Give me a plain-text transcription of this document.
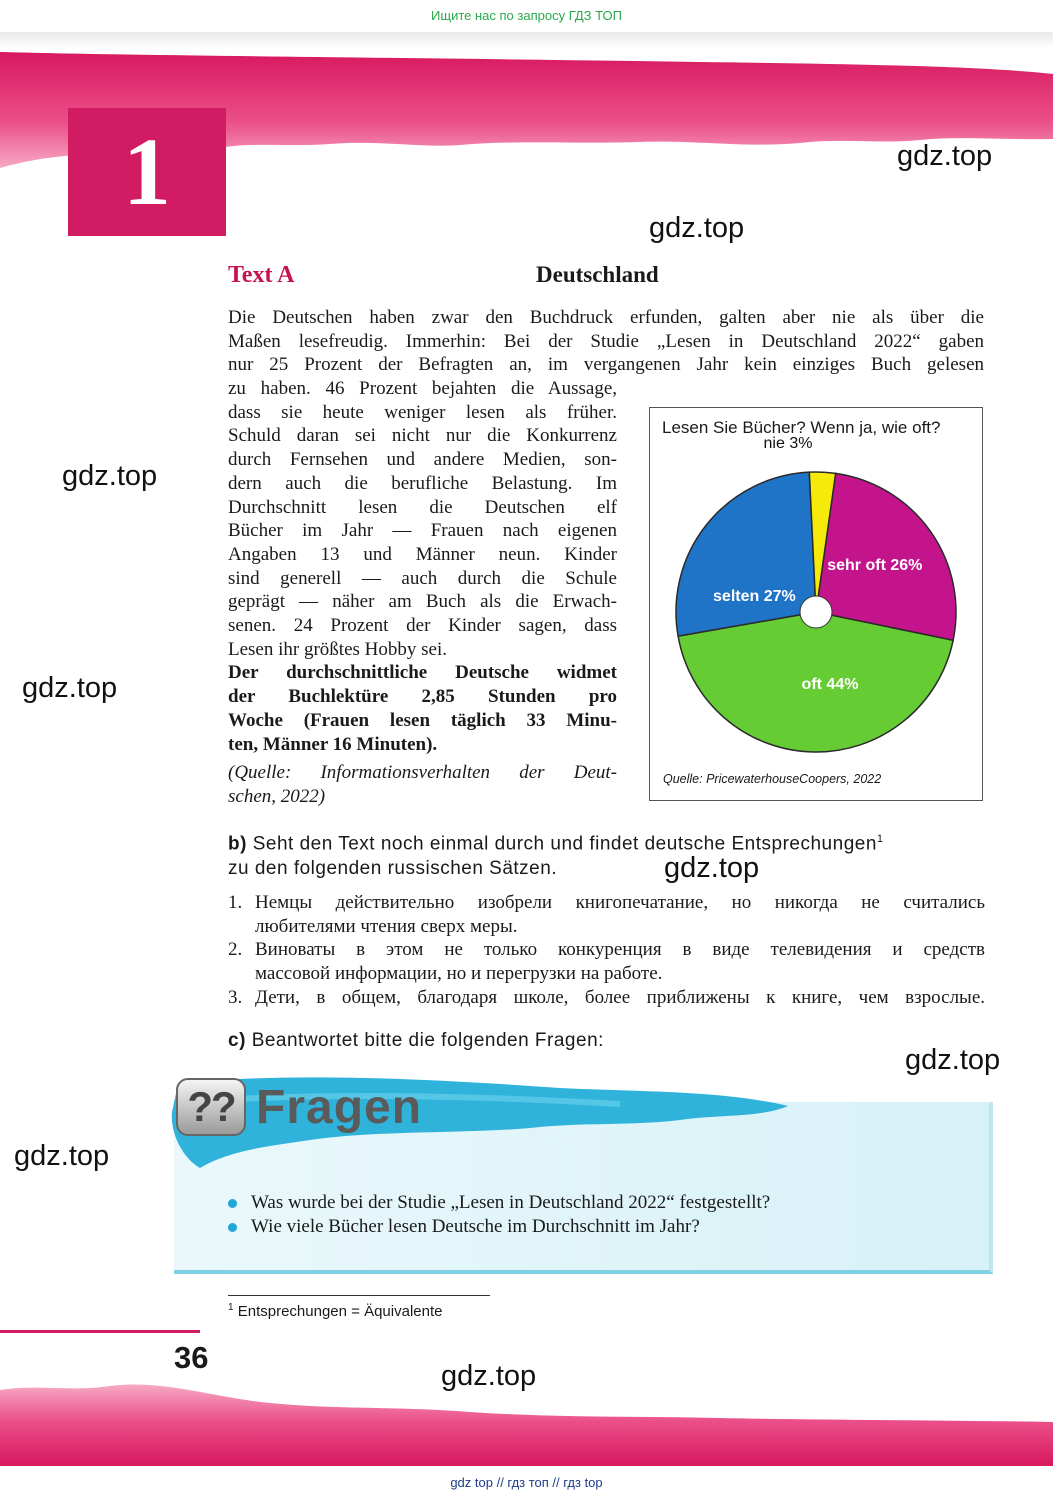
Ищите нас по запросу ГДЗ ТОП
1	gdz.top
gdz.top
gdz.top
gdz.top
gdz.top
gdz.top
gdz.top
gdz.top
Text A	Deutschland
Die Deutschen haben zwar den Buchdruck erfunden, galten aber nie als über die
Maßen lesefreudig. Immerhin: Bei der Studie „Lesen in Deutschland 2022“ gaben
nur 25 Prozent der Befragten an, im vergangenen Jahr kein einziges Buch gelesen
zu haben. 46 Prozent bejahten die Aussage,
dass sie heute weniger lesen als früher.
Schuld daran sei nicht nur die Konkurrenz
durch Fernsehen und andere Medien, son-
dern auch die berufliche Belastung. Im
Durchschnitt lesen die Deutschen elf
Bücher im Jahr — Frauen nach eigenen
Angaben 13 und Männer neun. Kinder
sind generell — auch durch die Schule
geprägt — näher am Buch als die Erwach-
senen. 24 Prozent der Kinder sagen, dass
Lesen ihr größtes Hobby sei.
Der durchschnittliche Deutsche widmet
der Buchlektüre 2,85 Stunden pro
Woche (Frauen lesen täglich 33 Minu-
ten, Männer 16 Minuten).
(Quelle: Informationsverhalten der Deut-
schen, 2022)
Lesen Sie Bücher? Wenn ja, wie oft?
sehr oft 26%
oft 44%
selten 27%
nie 3%
Quelle: PricewaterhouseCoopers, 2022
b) Seht den Text noch einmal durch und findet deutsche Entsprechungen$^1$
zu den folgenden russischen Sätzen.
1. Немцы действительно изобрели книгопечатание, но никогда не считались
любителями чтения сверх меры.
2. Виноваты в этом не только конкуренция в виде телевидения и средств
массовой информации, но и перегрузки на работе.
3. Дети, в общем, благодаря школе, более приближены к книге, чем взрослые.
c) Beantwortet bitte die folgenden Fragen:
?? Fragen
Was wurde bei der Studie „Lesen in Deutschland 2022“ festgestellt?
Wie viele Bücher lesen Deutsche im Durchschnitt im Jahr?
$^1$ Entsprechungen = Äquivalente
36
gdz top // гдз топ // гдз top
